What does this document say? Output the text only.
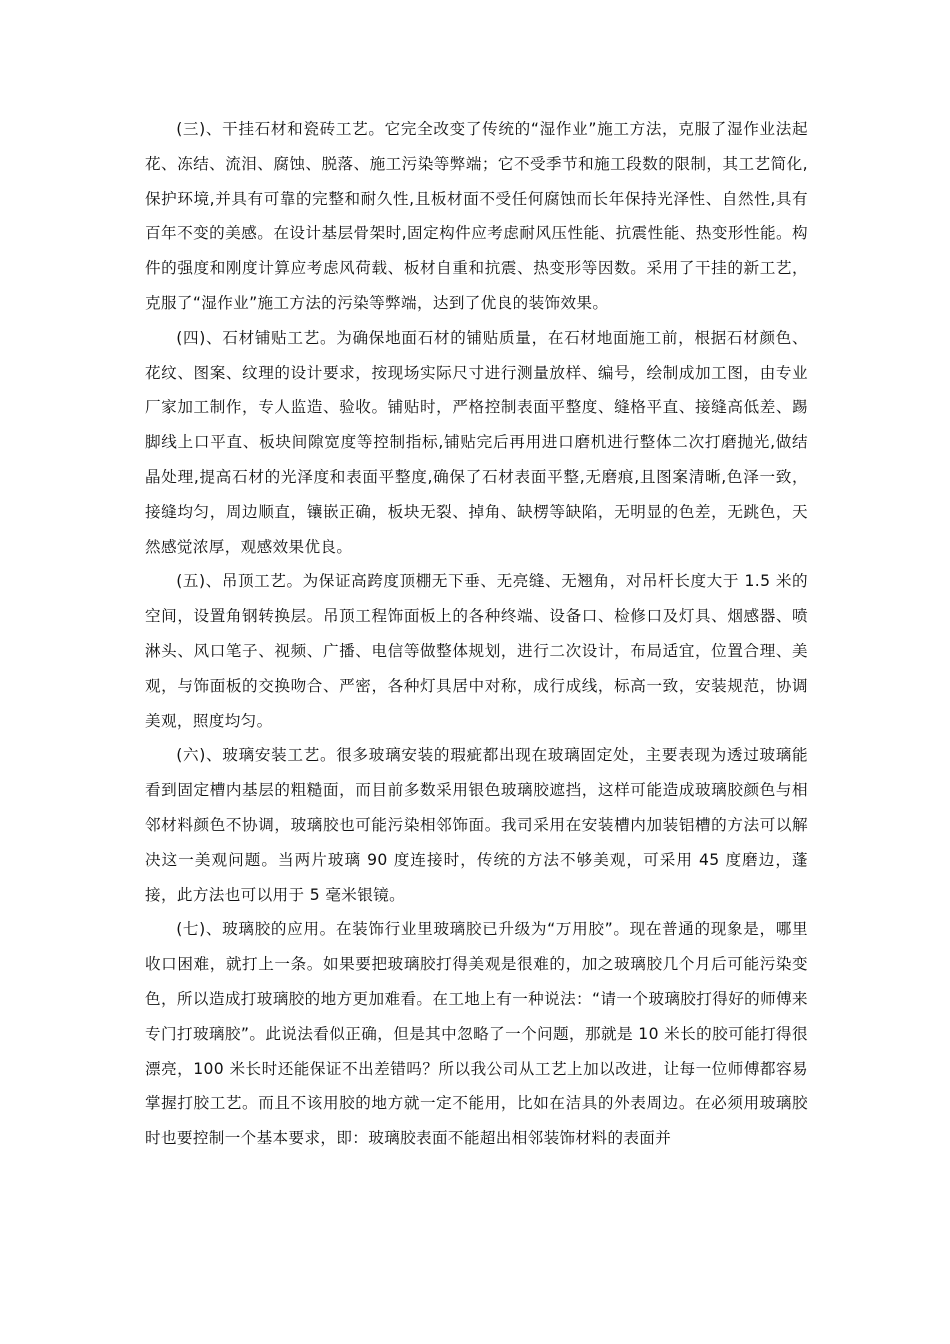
(三)、干挂石材和瓷砖工艺。它完全改变了传统的“湿作业”施工方法，克服了湿作业法起花、冻结、流泪、腐蚀、脱落、施工污染等弊端；它不受季节和施工段数的限制，其工艺简化,保护环境,并具有可靠的完整和耐久性,且板材面不受任何腐蚀而长年保持光泽性、自然性,具有百年不变的美感。在设计基层骨架时,固定构件应考虑耐风压性能、抗震性能、热变形性能。构件的强度和刚度计算应考虑风荷载、板材自重和抗震、热变形等因数。采用了干挂的新工艺，克服了“湿作业”施工方法的污染等弊端，达到了优良的装饰效果。

(四)、石材铺贴工艺。为确保地面石材的铺贴质量，在石材地面施工前，根据石材颜色、花纹、图案、纹理的设计要求，按现场实际尺寸进行测量放样、编号，绘制成加工图，由专业厂家加工制作，专人监造、验收。铺贴时，严格控制表面平整度、缝格平直、接缝高低差、踢脚线上口平直、板块间隙宽度等控制指标,铺贴完后再用进口磨机进行整体二次打磨抛光,做结晶处理,提高石材的光泽度和表面平整度,确保了石材表面平整,无磨痕,且图案清晰,色泽一致，接缝均匀，周边顺直，镶嵌正确，板块无裂、掉角、缺楞等缺陷，无明显的色差，无跳色，天然感觉浓厚，观感效果优良。

(五)、吊顶工艺。为保证高跨度顶棚无下垂、无亮缝、无翘角，对吊杆长度大于 1.5 米的空间，设置角钢转换层。吊顶工程饰面板上的各种终端、设备口、检修口及灯具、烟感器、喷淋头、风口笔子、视频、广播、电信等做整体规划，进行二次设计，布局适宜，位置合理、美观，与饰面板的交换吻合、严密，各种灯具居中对称，成行成线，标高一致，安装规范，协调美观，照度均匀。

(六)、玻璃安装工艺。很多玻璃安装的瑕疵都出现在玻璃固定处，主要表现为透过玻璃能看到固定槽内基层的粗糙面，而目前多数采用银色玻璃胶遮挡，这样可能造成玻璃胶颜色与相邻材料颜色不协调，玻璃胶也可能污染相邻饰面。我司采用在安装槽内加装铝槽的方法可以解决这一美观问题。当两片玻璃 90 度连接时，传统的方法不够美观，可采用 45 度磨边，蓬接，此方法也可以用于 5 毫米银镜。

(七)、玻璃胶的应用。在装饰行业里玻璃胶已升级为“万用胶”。现在普通的现象是，哪里收口困难，就打上一条。如果要把玻璃胶打得美观是很难的，加之玻璃胶几个月后可能污染变色，所以造成打玻璃胶的地方更加难看。在工地上有一种说法：“请一个玻璃胶打得好的师傅来专门打玻璃胶”。此说法看似正确，但是其中忽略了一个问题，那就是 10 米长的胶可能打得很漂亮，100 米长时还能保证不出差错吗？所以我公司从工艺上加以改进，让每一位师傅都容易掌握打胶工艺。而且不该用胶的地方就一定不能用，比如在洁具的外表周边。在必须用玻璃胶时也要控制一个基本要求，即：玻璃胶表面不能超出相邻装饰材料的表面并
